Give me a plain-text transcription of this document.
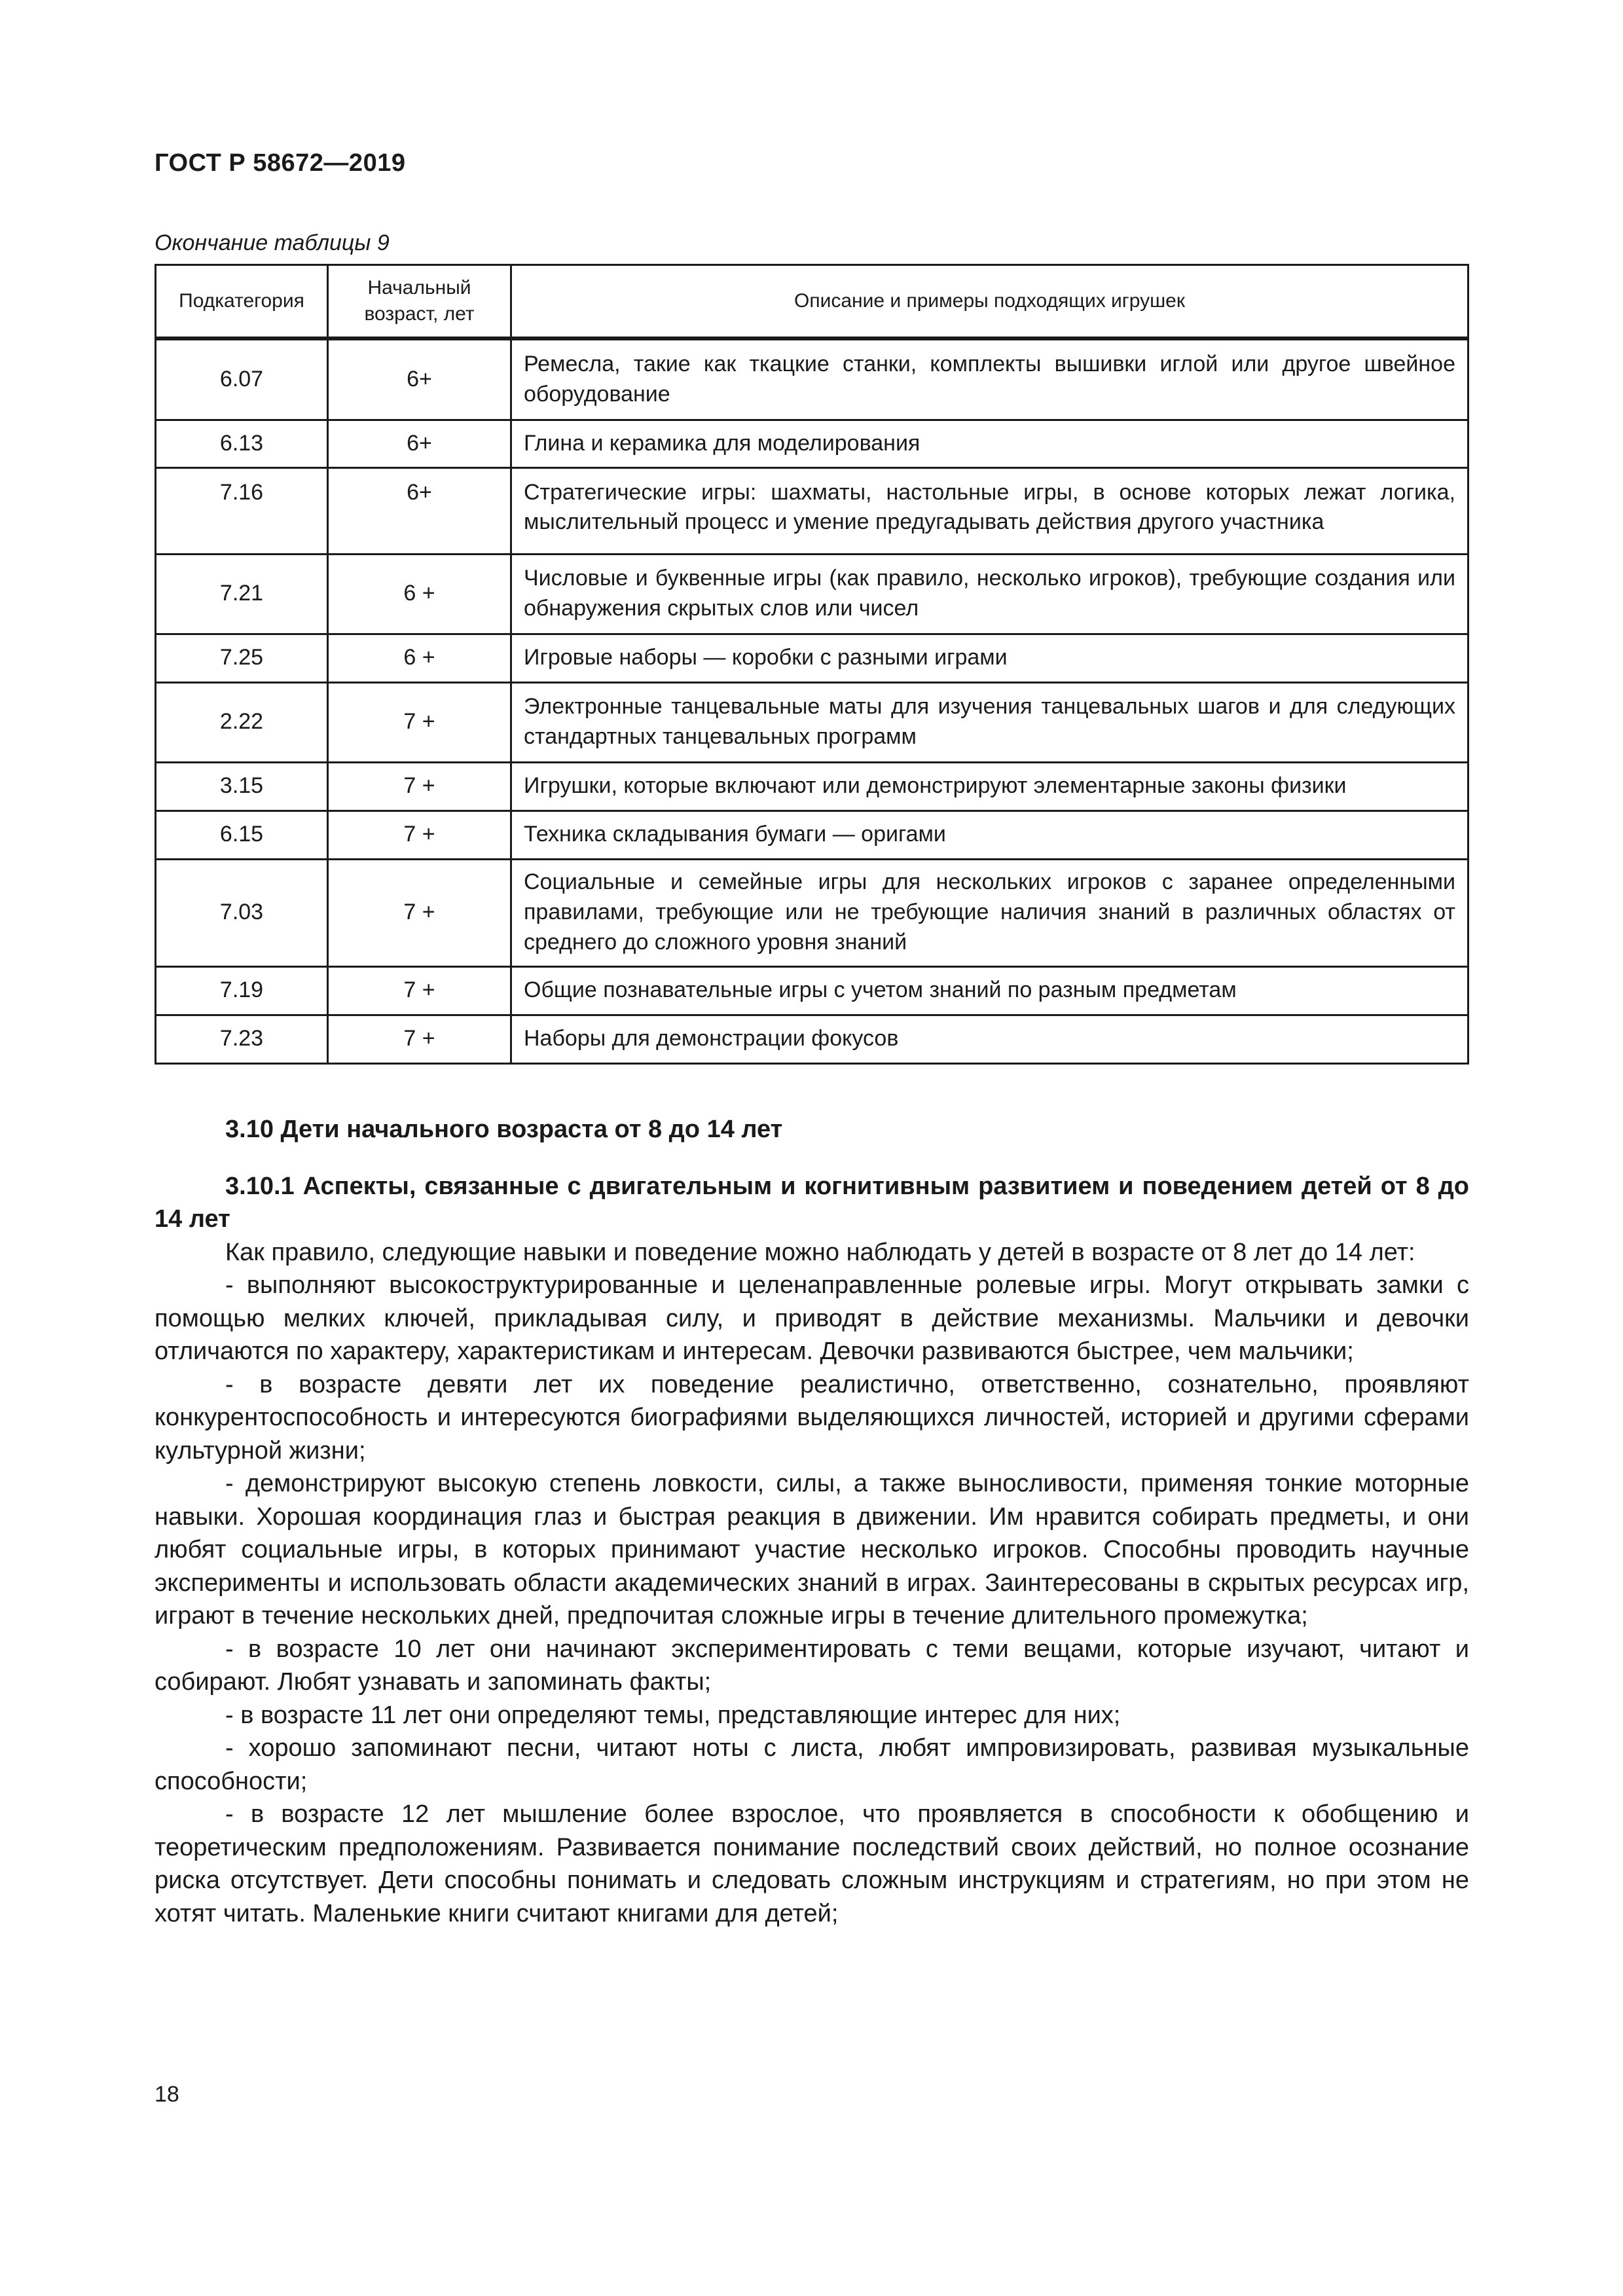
ГОСТ Р 58672—2019
Окончание таблицы 9
Подкатегория	Начальный возраст, лет	Описание и примеры подходящих игрушек
6.07	6+	Ремесла, такие как ткацкие станки, комплекты вышивки иглой или другое швейное оборудование
6.13	6+	Глина и керамика для моделирования
7.16	6+	Стратегические игры: шахматы, настольные игры, в основе которых лежат логика, мыслительный процесс и умение предугадывать действия другого участника
7.21	6 +	Числовые и буквенные игры (как правило, несколько игроков), требующие создания или обнаружения скрытых слов или чисел
7.25	6 +	Игровые наборы — коробки с разными играми
2.22	7 +	Электронные танцевальные маты для изучения танцевальных шагов и для следующих стандартных танцевальных программ
3.15	7 +	Игрушки, которые включают или демонстрируют элементарные законы физики
6.15	7 +	Техника складывания бумаги — оригами
7.03	7 +	Социальные и семейные игры для нескольких игроков с заранее определенными правилами, требующие или не требующие наличия знаний в различных областях от среднего до сложного уровня знаний
7.19	7 +	Общие познавательные игры с учетом знаний по разным предметам
7.23	7 +	Наборы для демонстрации фокусов

3.10 Дети начального возраста от 8 до 14 лет

3.10.1 Аспекты, связанные с двигательным и когнитивным развитием и поведением детей от 8 до 14 лет

Как правило, следующие навыки и поведение можно наблюдать у детей в возрасте от 8 лет до 14 лет:

- выполняют высокоструктурированные и целенаправленные ролевые игры. Могут открывать замки с помощью мелких ключей, прикладывая силу, и приводят в действие механизмы. Мальчики и девочки отличаются по характеру, характеристикам и интересам. Девочки развиваются быстрее, чем мальчики;

- в возрасте девяти лет их поведение реалистично, ответственно, сознательно, проявляют конкурентоспособность и интересуются биографиями выделяющихся личностей, историей и другими сферами культурной жизни;

- демонстрируют высокую степень ловкости, силы, а также выносливости, применяя тонкие моторные навыки. Хорошая координация глаз и быстрая реакция в движении. Им нравится собирать предметы, и они любят социальные игры, в которых принимают участие несколько игроков. Способны проводить научные эксперименты и использовать области академических знаний в играх. Заинтересованы в скрытых ресурсах игр, играют в течение нескольких дней, предпочитая сложные игры в течение длительного промежутка;

- в возрасте 10 лет они начинают экспериментировать с теми вещами, которые изучают, читают и собирают. Любят узнавать и запоминать факты;

- в возрасте 11 лет они определяют темы, представляющие интерес для них;

- хорошо запоминают песни, читают ноты с листа, любят импровизировать, развивая музыкальные способности;

- в возрасте 12 лет мышление более взрослое, что проявляется в способности к обобщению и теоретическим предположениям. Развивается понимание последствий своих действий, но полное осознание риска отсутствует. Дети способны понимать и следовать сложным инструкциям и стратегиям, но при этом не хотят читать. Маленькие книги считают книгами для детей;

18
